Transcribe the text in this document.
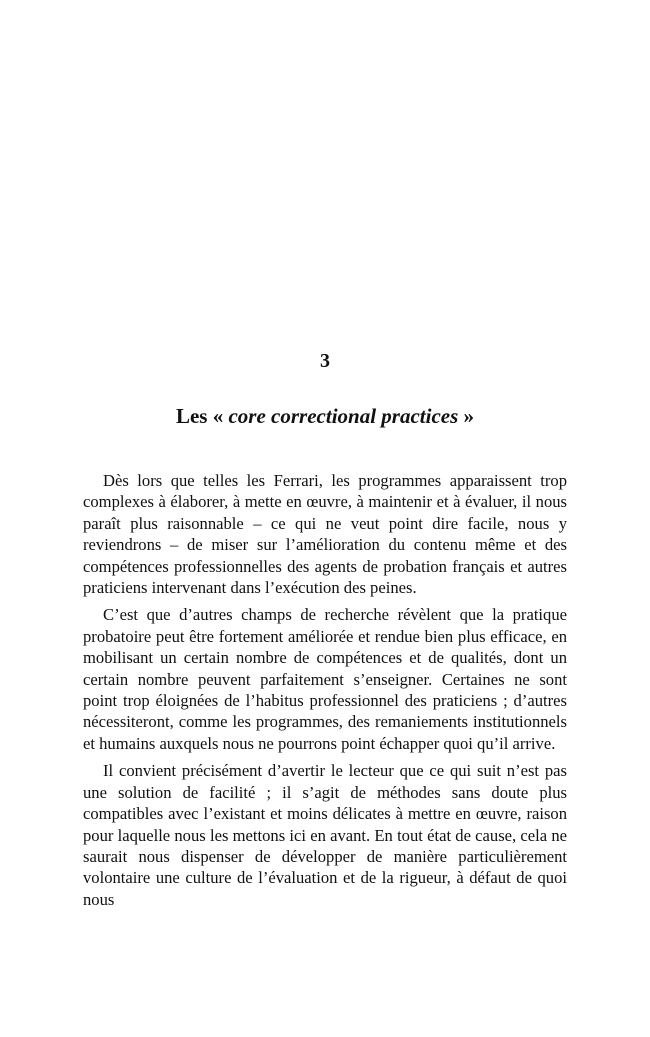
3
Les « core correctional practices »

Dès lors que telles les Ferrari, les programmes apparaissent trop complexes à élaborer, à mette en œuvre, à maintenir et à évaluer, il nous paraît plus raisonnable – ce qui ne veut point dire facile, nous y reviendrons – de miser sur l’amélioration du contenu même et des compétences professionnelles des agents de probation français et autres praticiens intervenant dans l’exécution des peines.

C’est que d’autres champs de recherche révèlent que la pratique probatoire peut être fortement améliorée et rendue bien plus efficace, en mobilisant un certain nombre de compétences et de qualités, dont un certain nombre peuvent parfaitement s’enseigner. Certaines ne sont point trop éloignées de l’habitus professionnel des praticiens ; d’autres nécessiteront, comme les programmes, des remaniements institutionnels et humains auxquels nous ne pourrons point échapper quoi qu’il arrive.

Il convient précisément d’avertir le lecteur que ce qui suit n’est pas une solution de facilité ; il s’agit de méthodes sans doute plus compatibles avec l’existant et moins délicates à mettre en œuvre, raison pour laquelle nous les mettons ici en avant. En tout état de cause, cela ne saurait nous dispenser de développer de manière particulièrement volontaire une culture de l’évaluation et de la rigueur, à défaut de quoi nous
